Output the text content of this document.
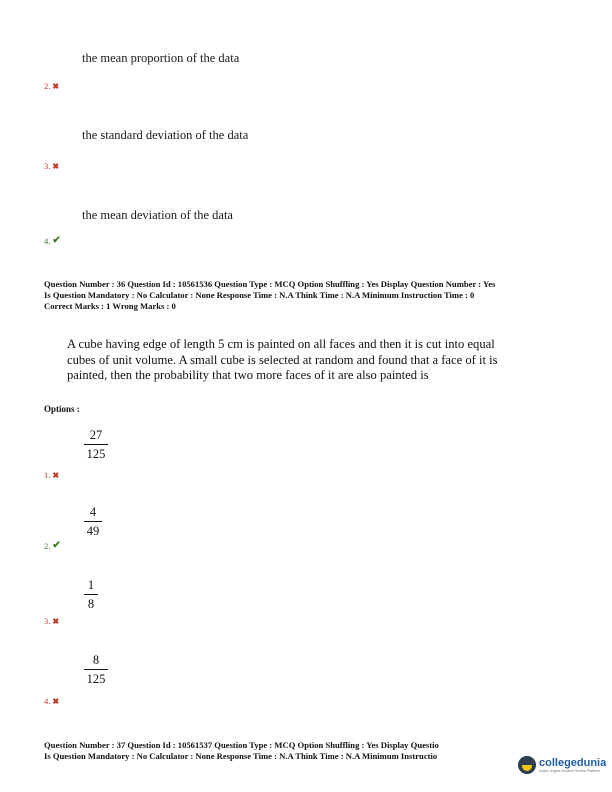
the mean proportion of the data
2. ✖
the standard deviation of the data
3. ✖
the mean deviation of the data
4. ✔
Question Number : 36 Question Id : 10561536 Question Type : MCQ Option Shuffling : Yes Display Question Number : Yes
Is Question Mandatory : No Calculator : None Response Time : N.A Think Time : N.A Minimum Instruction Time : 0
Correct Marks : 1 Wrong Marks : 0
A cube having edge of length 5 cm is painted on all faces and then it is cut into equal
cubes of unit volume. A small cube is selected at random and found that a face of it is
painted, then the probability that two more faces of it are also painted is
Options :
27
125
1. ✖
4
49
2. ✔
1
8
3. ✖
8
125
4. ✖
Question Number : 37 Question Id : 10561537 Question Type : MCQ Option Shuffling : Yes Display Questio
Is Question Mandatory : No Calculator : None Response Time : N.A Think Time : N.A Minimum Instructio
collegedunia
India's largest Student Review Platform
